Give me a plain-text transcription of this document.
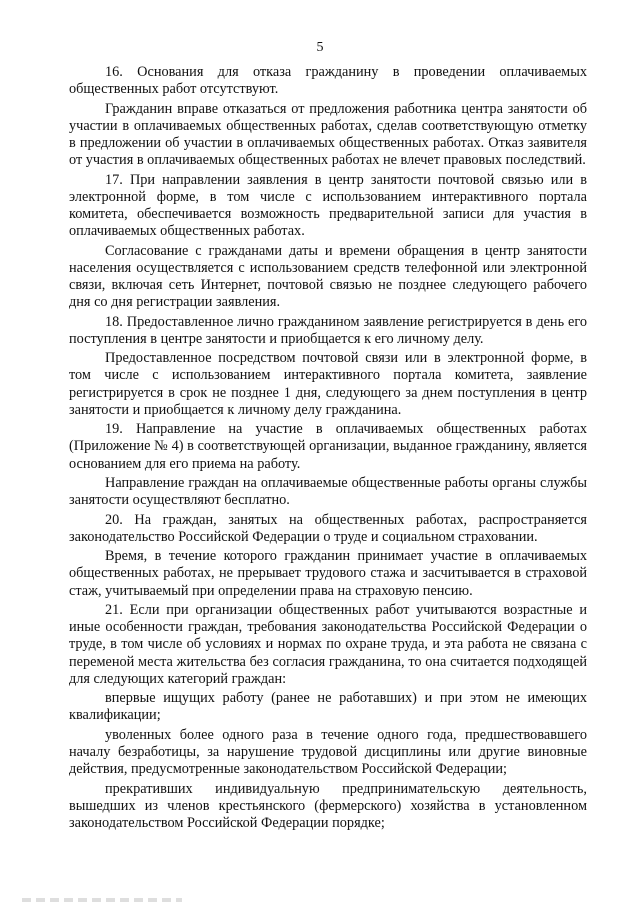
5

16. Основания для отказа гражданину в проведении оплачиваемых общественных работ отсутствуют.

Гражданин вправе отказаться от предложения работника центра занятости об участии в оплачиваемых общественных работах, сделав соответствующую отметку в предложении об участии в оплачиваемых общественных работах. Отказ заявителя от участия в оплачиваемых общественных работах не влечет правовых последствий.

17. При направлении заявления в центр занятости почтовой связью или в электронной форме, в том числе с использованием интерактивного портала комитета, обеспечивается возможность предварительной записи для участия в оплачиваемых общественных работах.

Согласование с гражданами даты и времени обращения в центр занятости населения осуществляется с использованием средств телефонной или электронной связи, включая сеть Интернет, почтовой связью не позднее следующего рабочего дня со дня регистрации заявления.

18. Предоставленное лично гражданином заявление регистрируется в день его поступления в центре занятости и приобщается к его личному делу.

Предоставленное посредством почтовой связи или в электронной форме, в том числе с использованием интерактивного портала комитета, заявление регистрируется в срок не позднее 1 дня, следующего за днем поступления в центр занятости и приобщается к личному делу гражданина.

19. Направление на участие в оплачиваемых общественных работах (Приложение № 4) в соответствующей организации, выданное гражданину, является основанием для его приема на работу.

Направление граждан на оплачиваемые общественные работы органы службы занятости осуществляют бесплатно.

20. На граждан, занятых на общественных работах, распространяется законодательство Российской Федерации о труде и социальном страховании.

Время, в течение которого гражданин принимает участие в оплачиваемых общественных работах, не прерывает трудового стажа и засчитывается в страховой стаж, учитываемый при определении права на страховую пенсию.

21. Если при организации общественных работ учитываются возрастные и иные особенности граждан, требования законодательства Российской Федерации о труде, в том числе об условиях и нормах по охране труда, и эта работа не связана с переменой места жительства без согласия гражданина, то она считается подходящей для следующих категорий граждан:

впервые ищущих работу (ранее не работавших) и при этом не имеющих квалификации;

уволенных более одного раза в течение одного года, предшествовавшего началу безработицы, за нарушение трудовой дисциплины или другие виновные действия, предусмотренные законодательством Российской Федерации;

прекративших индивидуальную предпринимательскую деятельность, вышедших из членов крестьянского (фермерского) хозяйства в установленном законодательством Российской Федерации порядке;
